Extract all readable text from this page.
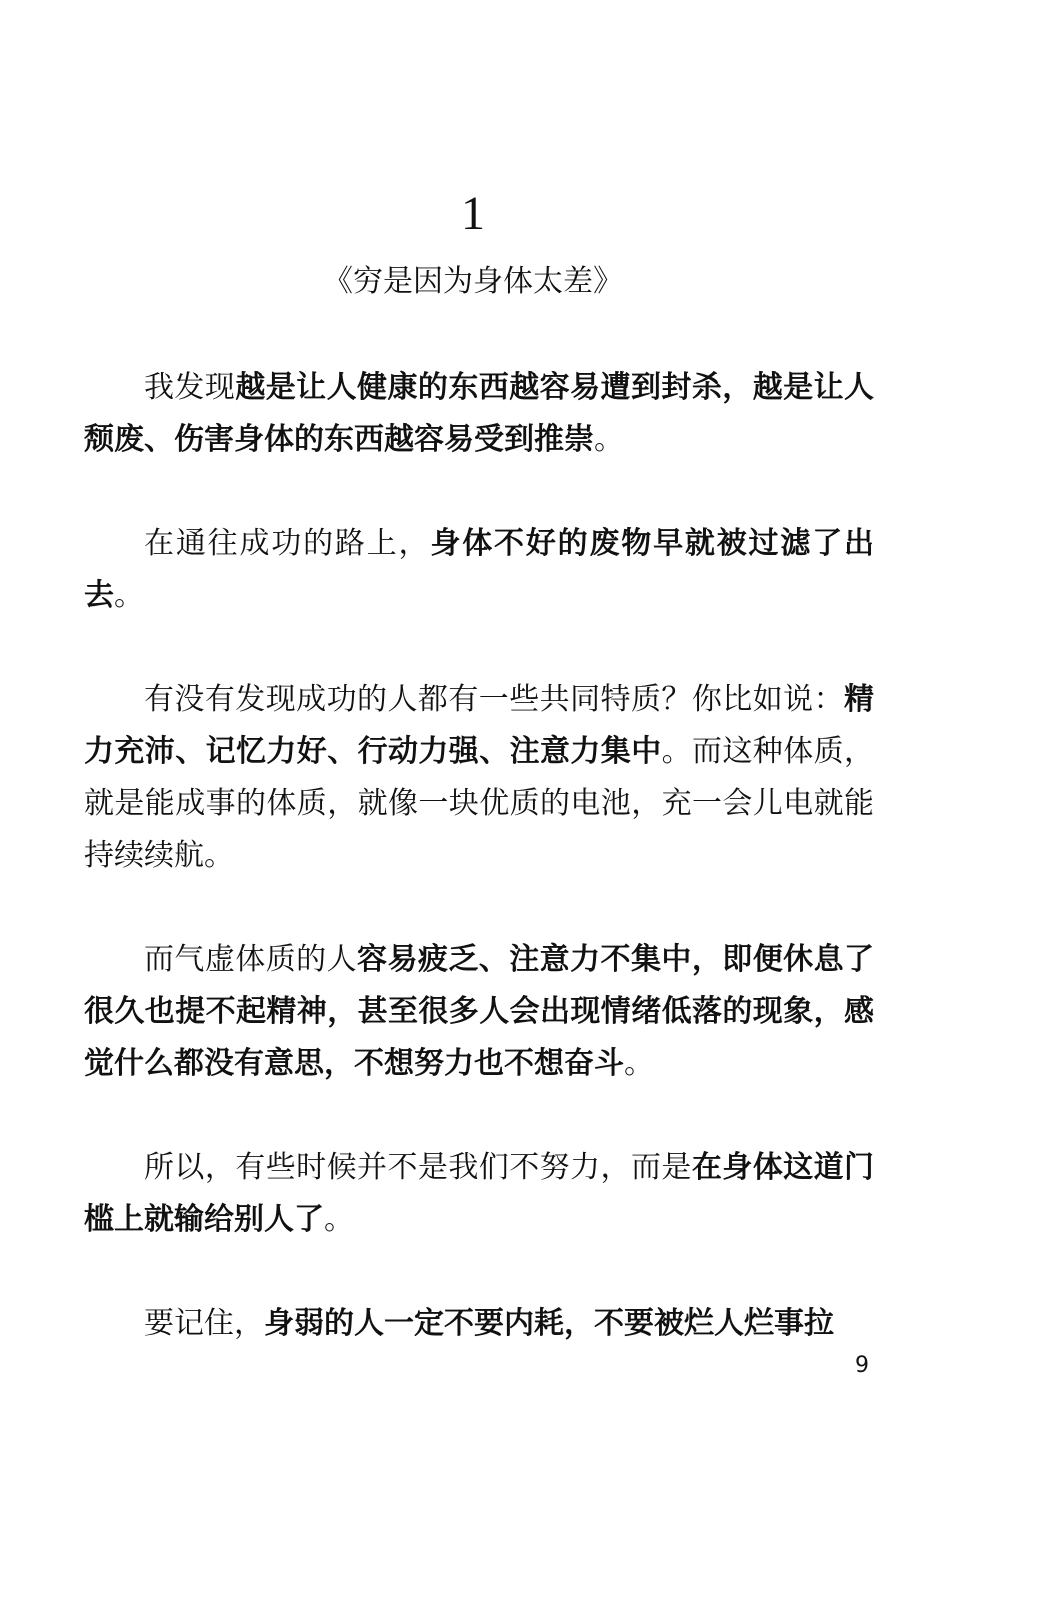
1
《穷是因为身体太差》

我发现越是让人健康的东西越容易遭到封杀，越是让人颓废、伤害身体的东西越容易受到推崇。

在通往成功的路上，身体不好的废物早就被过滤了出去。

有没有发现成功的人都有一些共同特质？你比如说：精力充沛、记忆力好、行动力强、注意力集中。而这种体质，就是能成事的体质，就像一块优质的电池，充一会儿电就能持续续航。

而气虚体质的人容易疲乏、注意力不集中，即便休息了很久也提不起精神，甚至很多人会出现情绪低落的现象，感觉什么都没有意思，不想努力也不想奋斗。

所以，有些时候并不是我们不努力，而是在身体这道门槛上就输给别人了。

要记住，身弱的人一定不要内耗，不要被烂人烂事拉

9
